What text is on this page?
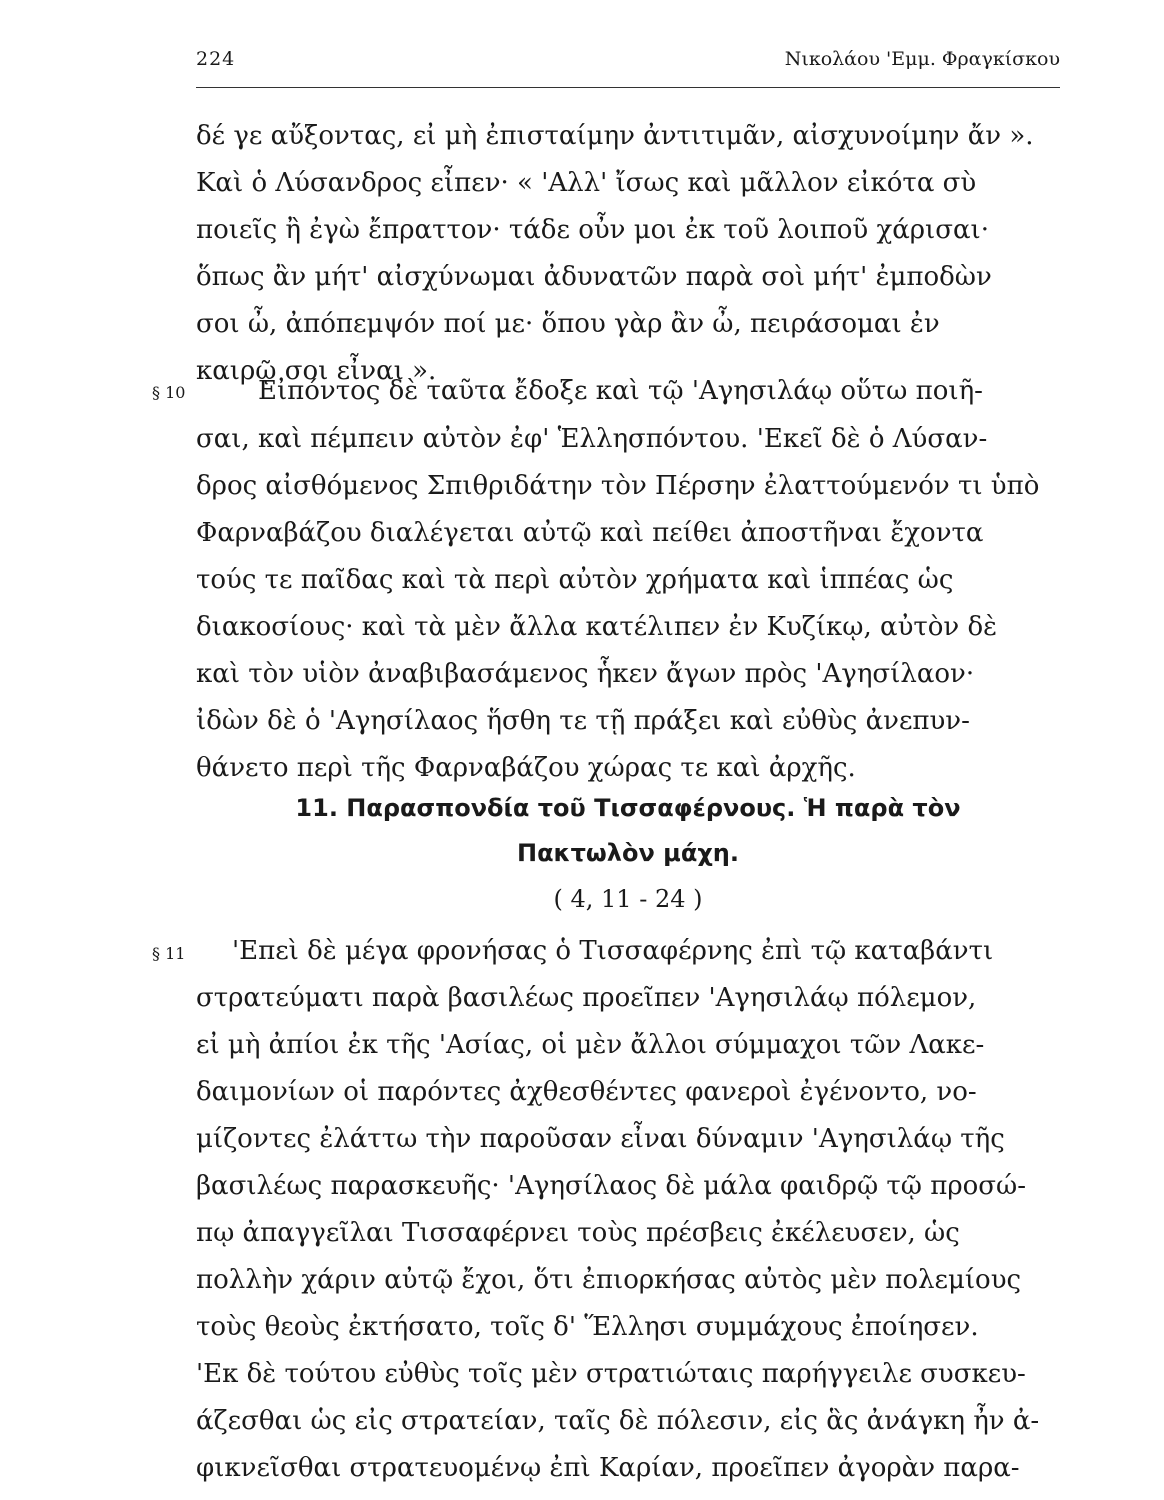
224	Νικολάου 'Εμμ. Φραγκίσκου
δέ γε αὔξοντας, εἰ μὴ ἐπισταίμην ἀντιτιμᾶν, αἰσχυνοίμην ἄν ».
Καὶ ὁ Λύσανδρος εἶπεν· « 'Αλλ' ἴσως καὶ μᾶλλον εἰκότα σὺ
ποιεῖς ἢ ἐγὼ ἔπραττον· τάδε οὖν μοι ἐκ τοῦ λοιποῦ χάρισαι·
ὅπως ἂν μήτ' αἰσχύνωμαι ἀδυνατῶν παρὰ σοὶ μήτ' ἐμποδὼν
σοι ὦ, ἀπόπεμψόν ποί με· ὅπου γὰρ ἂν ὦ, πειράσομαι ἐν
καιρῷ σοι εἶναι ».
§ 10	Εἰπόντος δὲ ταῦτα ἔδοξε καὶ τῷ 'Αγησιλάῳ οὕτω ποιῆ-
σαι, καὶ πέμπειν αὐτὸν ἐφ' Ἑλλησπόντου. 'Εκεῖ δὲ ὁ Λύσαν-
δρος αἰσθόμενος Σπιθριδάτην τὸν Πέρσην ἐλαττούμενόν τι ὑπὸ
Φαρναβάζου διαλέγεται αὐτῷ καὶ πείθει ἀποστῆναι ἔχοντα
τούς τε παῖδας καὶ τὰ περὶ αὐτὸν χρήματα καὶ ἱππέας ὡς
διακοσίους· καὶ τὰ μὲν ἄλλα κατέλιπεν ἐν Κυζίκῳ, αὐτὸν δὲ
καὶ τὸν υἱὸν ἀναβιβασάμενος ἧκεν ἄγων πρὸς 'Αγησίλαον·
ἰδὼν δὲ ὁ 'Αγησίλαος ἥσθη τε τῇ πράξει καὶ εὐθὺς ἀνεπυν-
θάνετο περὶ τῆς Φαρναβάζου χώρας τε καὶ ἀρχῆς.
11. Παρασπονδία τοῦ Τισσαφέρνους. Ἡ παρὰ τὸν
Πακτωλὸν μάχη.
( 4, 11 - 24 )
§ 11 'Επεὶ δὲ μέγα φρονήσας ὁ Τισσαφέρνης ἐπὶ τῷ καταβάντι
στρατεύματι παρὰ βασιλέως προεῖπεν 'Αγησιλάῳ πόλεμον,
εἰ μὴ ἀπίοι ἐκ τῆς 'Ασίας, οἱ μὲν ἄλλοι σύμμαχοι τῶν Λακε-
δαιμονίων οἱ παρόντες ἀχθεσθέντες φανεροὶ ἐγένοντο, νο-
μίζοντες ἐλάττω τὴν παροῦσαν εἶναι δύναμιν 'Αγησιλάῳ τῆς
βασιλέως παρασκευῆς· 'Αγησίλαος δὲ μάλα φαιδρῷ τῷ προσώ-
πῳ ἀπαγγεῖλαι Τισσαφέρνει τοὺς πρέσβεις ἐκέλευσεν, ὡς
πολλὴν χάριν αὐτῷ ἔχοι, ὅτι ἐπιορκήσας αὐτὸς μὲν πολεμίους
τοὺς θεοὺς ἐκτήσατο, τοῖς δ' Ἕλλησι συμμάχους ἐποίησεν.
'Εκ δὲ τούτου εὐθὺς τοῖς μὲν στρατιώταις παρήγγειλε συσκευ-
άζεσθαι ὡς εἰς στρατείαν, ταῖς δὲ πόλεσιν, εἰς ἃς ἀνάγκη ἦν ἀ-
φικνεῖσθαι στρατευομένῳ ἐπὶ Καρίαν, προεῖπεν ἀγορὰν παρα-
